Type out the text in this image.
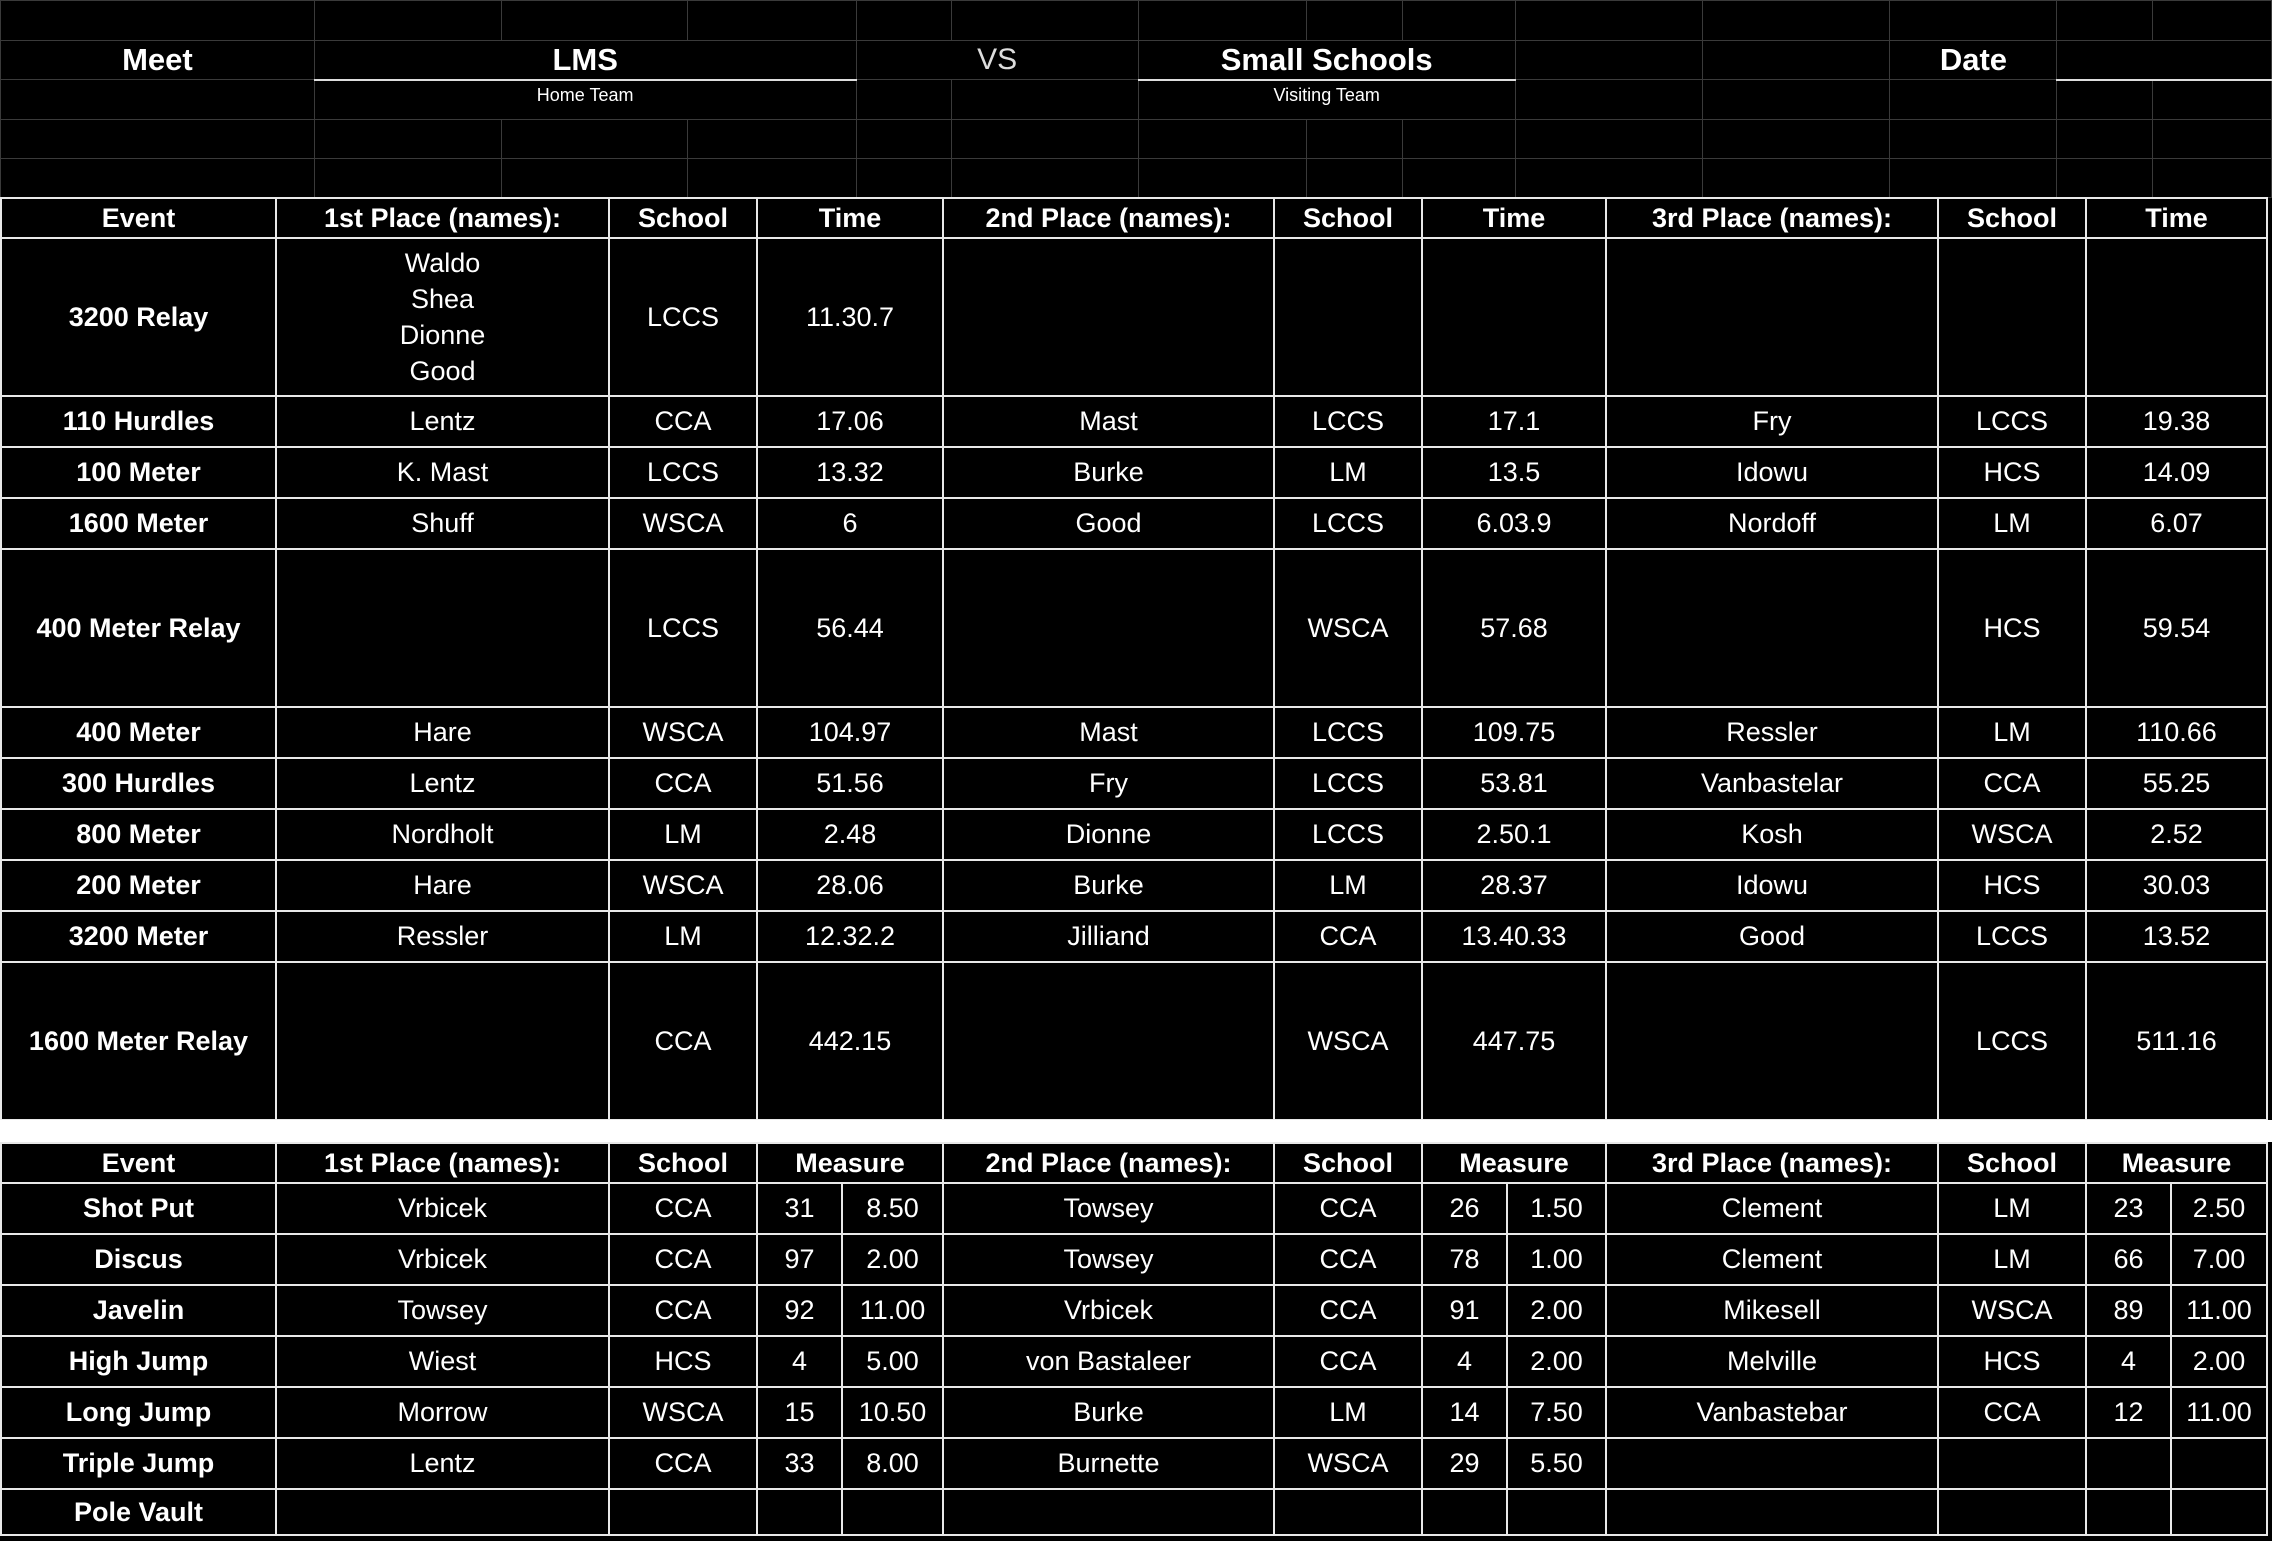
Meet	LMS			VS		Small Schools					Date		
	Home Team					Visiting Team							

Event	1st Place (names):	School	Time	2nd Place (names):	School	Time	3rd Place (names):	School	Time
3200 Relay	Waldo
Shea
Dionne
Good	LCCS	11.30.7						
110 Hurdles	Lentz	CCA	17.06	Mast	LCCS	17.1	Fry	LCCS	19.38
100 Meter	K. Mast	LCCS	13.32	Burke	LM	13.5	Idowu	HCS	14.09
1600 Meter	Shuff	WSCA	6	Good	LCCS	6.03.9	Nordoff	LM	6.07
400 Meter Relay		LCCS	56.44		WSCA	57.68		HCS	59.54
400 Meter	Hare	WSCA	104.97	Mast	LCCS	109.75	Ressler	LM	110.66
300 Hurdles	Lentz	CCA	51.56	Fry	LCCS	53.81	Vanbastelar	CCA	55.25
800 Meter	Nordholt	LM	2.48	Dionne	LCCS	2.50.1	Kosh	WSCA	2.52
200 Meter	Hare	WSCA	28.06	Burke	LM	28.37	Idowu	HCS	30.03
3200 Meter	Ressler	LM	12.32.2	Jilliand	CCA	13.40.33	Good	LCCS	13.52
1600 Meter Relay		CCA	442.15		WSCA	447.75		LCCS	511.16
Event	1st Place (names):	School	Measure		2nd Place (names):	School	Measure		3rd Place (names):	School	Measure	
Shot Put	Vrbicek	CCA	31	8.50	Towsey	CCA	26	1.50	Clement	LM	23	2.50
Discus	Vrbicek	CCA	97	2.00	Towsey	CCA	78	1.00	Clement	LM	66	7.00
Javelin	Towsey	CCA	92	11.00	Vrbicek	CCA	91	2.00	Mikesell	WSCA	89	11.00
High Jump	Wiest	HCS	4	5.00	von Bastaleer	CCA	4	2.00	Melville	HCS	4	2.00
Long Jump	Morrow	WSCA	15	10.50	Burke	LM	14	7.50	Vanbastebar	CCA	12	11.00
Triple Jump	Lentz	CCA	33	8.00	Burnette	WSCA	29	5.50				
Pole Vault												
